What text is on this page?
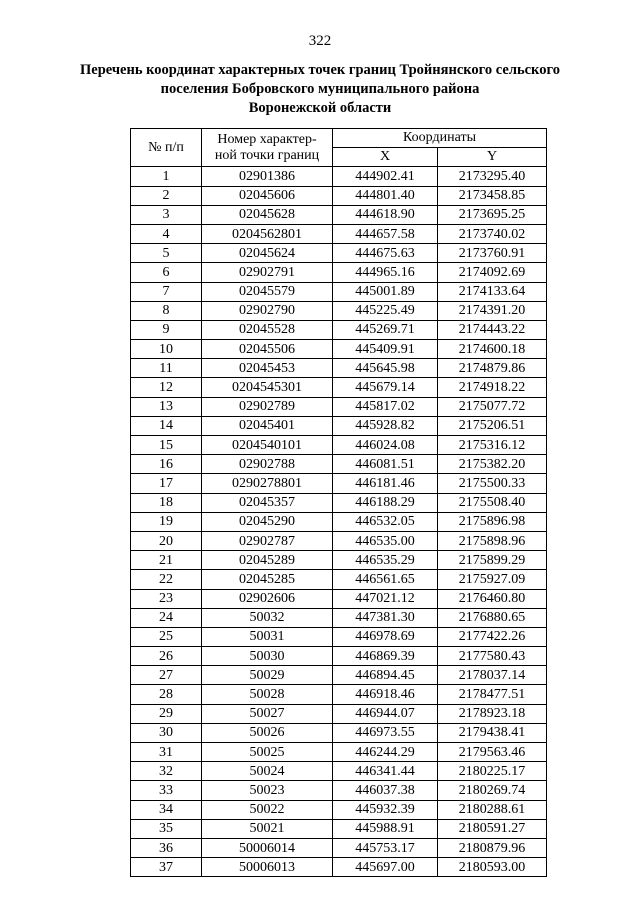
322
Перечень координат характерных точек границ Тройнянского сельского
поселения Бобровского муниципального района
Воронежской области
№ п/п	Номер характер-
ной точки границ	Координаты	
		X	Y
1	02901386	444902.41	2173295.40
2	02045606	444801.40	2173458.85
3	02045628	444618.90	2173695.25
4	0204562801	444657.58	2173740.02
5	02045624	444675.63	2173760.91
6	02902791	444965.16	2174092.69
7	02045579	445001.89	2174133.64
8	02902790	445225.49	2174391.20
9	02045528	445269.71	2174443.22
10	02045506	445409.91	2174600.18
11	02045453	445645.98	2174879.86
12	0204545301	445679.14	2174918.22
13	02902789	445817.02	2175077.72
14	02045401	445928.82	2175206.51
15	0204540101	446024.08	2175316.12
16	02902788	446081.51	2175382.20
17	0290278801	446181.46	2175500.33
18	02045357	446188.29	2175508.40
19	02045290	446532.05	2175896.98
20	02902787	446535.00	2175898.96
21	02045289	446535.29	2175899.29
22	02045285	446561.65	2175927.09
23	02902606	447021.12	2176460.80
24	50032	447381.30	2176880.65
25	50031	446978.69	2177422.26
26	50030	446869.39	2177580.43
27	50029	446894.45	2178037.14
28	50028	446918.46	2178477.51
29	50027	446944.07	2178923.18
30	50026	446973.55	2179438.41
31	50025	446244.29	2179563.46
32	50024	446341.44	2180225.17
33	50023	446037.38	2180269.74
34	50022	445932.39	2180288.61
35	50021	445988.91	2180591.27
36	50006014	445753.17	2180879.96
37	50006013	445697.00	2180593.00
